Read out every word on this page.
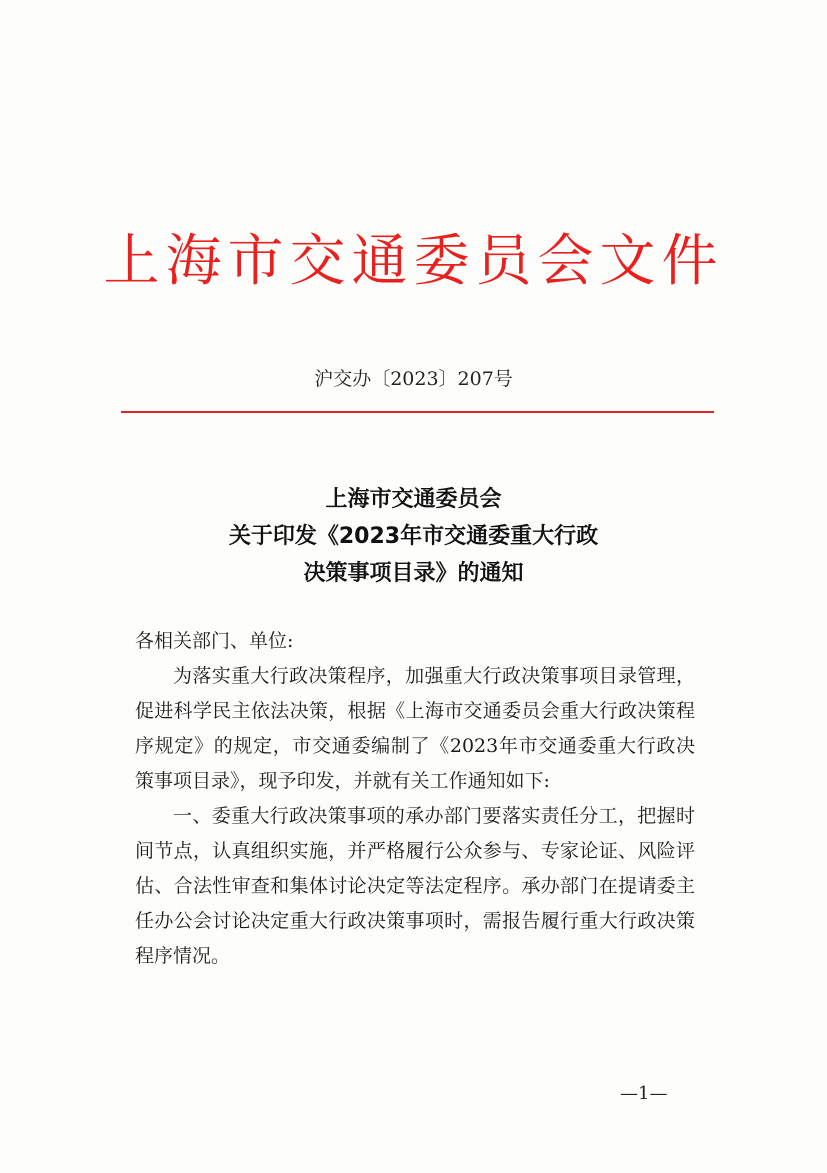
上海市交通委员会文件
沪交办〔2023〕207号
上海市交通委员会
关于印发《2023年市交通委重大行政
决策事项目录》的通知

各相关部门、单位:

为落实重大行政决策程序，加强重大行政决策事项目录管理，促进科学民主依法决策，根据《上海市交通委员会重大行政决策程序规定》的规定，市交通委编制了《2023年市交通委重大行政决策事项目录》，现予印发，并就有关工作通知如下:

一、委重大行政决策事项的承办部门要落实责任分工，把握时间节点，认真组织实施，并严格履行公众参与、专家论证、风险评估、合法性审查和集体讨论决定等法定程序。承办部门在提请委主任办公会讨论决定重大行政决策事项时，需报告履行重大行政决策程序情况。

—1—
